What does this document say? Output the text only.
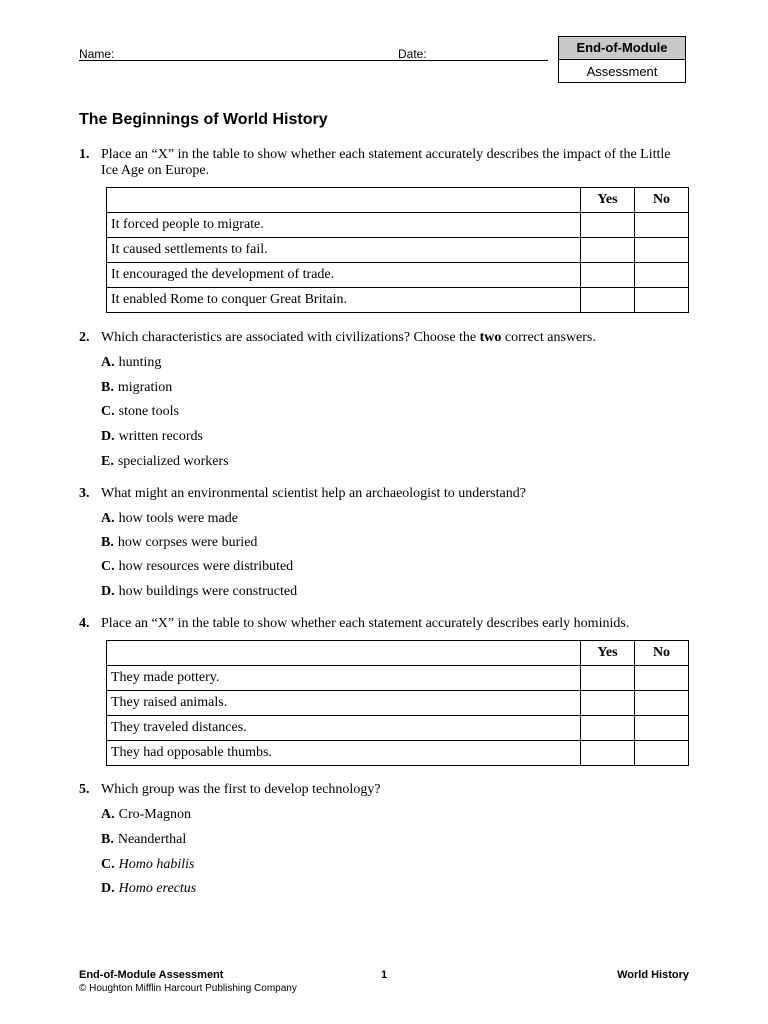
Name:	Date:	End-of-Module
Assessment
The Beginnings of World History
1. Place an “X” in the table to show whether each statement accurately describes the impact of the Little Ice Age on Europe.
	Yes	No
It forced people to migrate.		
It caused settlements to fail.		
It encouraged the development of trade.		
It enabled Rome to conquer Great Britain.		
2. Which characteristics are associated with civilizations? Choose the two correct answers.
A. hunting
B. migration
C. stone tools
D. written records
E. specialized workers
3. What might an environmental scientist help an archaeologist to understand?
A. how tools were made
B. how corpses were buried
C. how resources were distributed
D. how buildings were constructed
4. Place an “X” in the table to show whether each statement accurately describes early hominids.
	Yes	No
They made pottery.		
They raised animals.		
They traveled distances.		
They had opposable thumbs.		
5. Which group was the first to develop technology?
A. Cro-Magnon
B. Neanderthal
C. Homo habilis
D. Homo erectus
End-of-Module Assessment
© Houghton Mifflin Harcourt Publishing Company
1	World History
